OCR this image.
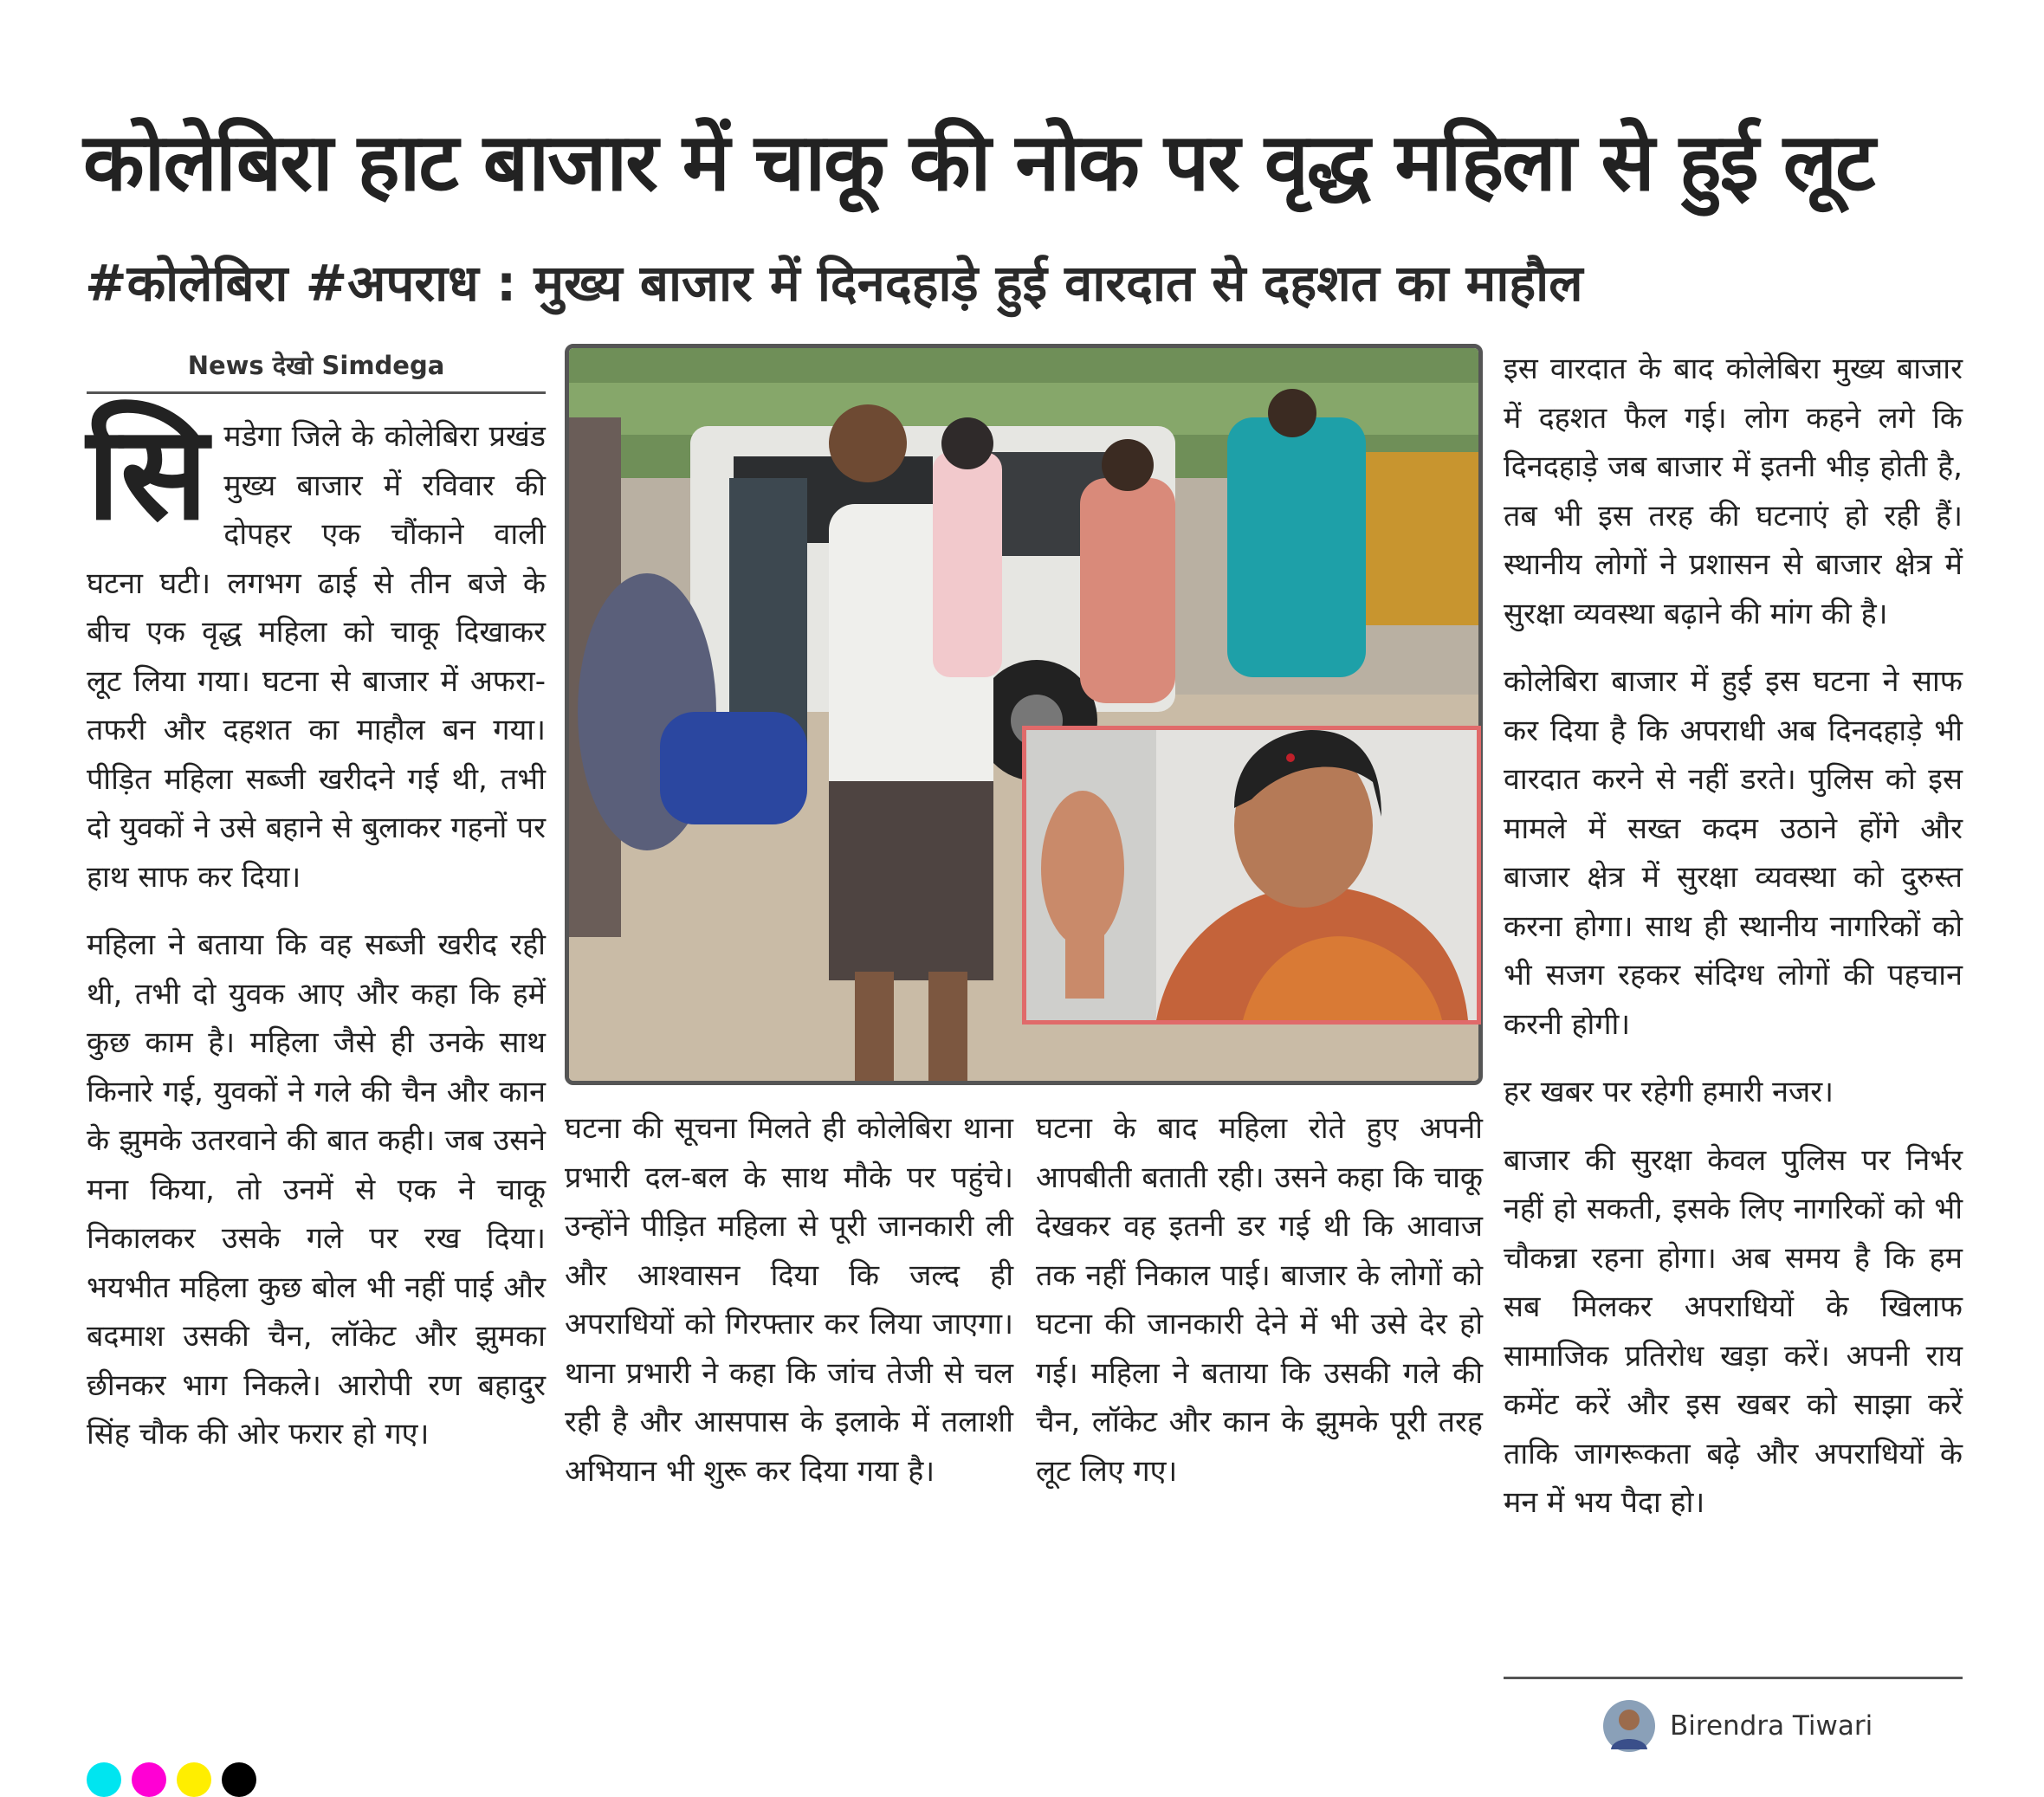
कोलेबिरा हाट बाजार में चाकू की नोक पर वृद्ध महिला से हुई लूट
#कोलेबिरा #अपराध : मुख्य बाजार में दिनदहाड़े हुई वारदात से दहशत का माहौल
News देखो Simdega

सि मडेगा जिले के कोलेबिरा प्रखंड मुख्य बाजार में रविवार की दोपहर एक चौंकाने वाली घटना घटी। लगभग ढाई से तीन बजे के बीच एक वृद्ध महिला को चाकू दिखाकर लूट लिया गया। घटना से बाजार में अफरा-तफरी और दहशत का माहौल बन गया। पीड़ित महिला सब्जी खरीदने गई थी, तभी दो युवकों ने उसे बहाने से बुलाकर गहनों पर हाथ साफ कर दिया।

महिला ने बताया कि वह सब्जी खरीद रही थी, तभी दो युवक आए और कहा कि हमें कुछ काम है। महिला जैसे ही उनके साथ किनारे गई, युवकों ने गले की चैन और कान के झुमके उतरवाने की बात कही। जब उसने मना किया, तो उनमें से एक ने चाकू निकालकर उसके गले पर रख दिया। भयभीत महिला कुछ बोल भी नहीं पाई और बदमाश उसकी चैन, लॉकेट और झुमका छीनकर भाग निकले। आरोपी रण बहादुर सिंह चौक की ओर फरार हो गए।

घटना की सूचना मिलते ही कोलेबिरा थाना प्रभारी दल-बल के साथ मौके पर पहुंचे। उन्होंने पीड़ित महिला से पूरी जानकारी ली और आश्वासन दिया कि जल्द ही अपराधियों को गिरफ्तार कर लिया जाएगा। थाना प्रभारी ने कहा कि जांच तेजी से चल रही है और आसपास के इलाके में तलाशी अभियान भी शुरू कर दिया गया है।

घटना के बाद महिला रोते हुए अपनी आपबीती बताती रही। उसने कहा कि चाकू देखकर वह इतनी डर गई थी कि आवाज तक नहीं निकाल पाई। बाजार के लोगों को घटना की जानकारी देने में भी उसे देर हो गई। महिला ने बताया कि उसकी गले की चैन, लॉकेट और कान के झुमके पूरी तरह लूट लिए गए।

इस वारदात के बाद कोलेबिरा मुख्य बाजार में दहशत फैल गई। लोग कहने लगे कि दिनदहाड़े जब बाजार में इतनी भीड़ होती है, तब भी इस तरह की घटनाएं हो रही हैं। स्थानीय लोगों ने प्रशासन से बाजार क्षेत्र में सुरक्षा व्यवस्था बढ़ाने की मांग की है।

कोलेबिरा बाजार में हुई इस घटना ने साफ कर दिया है कि अपराधी अब दिनदहाड़े भी वारदात करने से नहीं डरते। पुलिस को इस मामले में सख्त कदम उठाने होंगे और बाजार क्षेत्र में सुरक्षा व्यवस्था को दुरुस्त करना होगा। साथ ही स्थानीय नागरिकों को भी सजग रहकर संदिग्ध लोगों की पहचान करनी होगी।

हर खबर पर रहेगी हमारी नजर।

बाजार की सुरक्षा केवल पुलिस पर निर्भर नहीं हो सकती, इसके लिए नागरिकों को भी चौकन्ना रहना होगा। अब समय है कि हम सब मिलकर अपराधियों के खिलाफ सामाजिक प्रतिरोध खड़ा करें। अपनी राय कमेंट करें और इस खबर को साझा करें ताकि जागरूकता बढ़े और अपराधियों के मन में भय पैदा हो।

Birendra Tiwari
